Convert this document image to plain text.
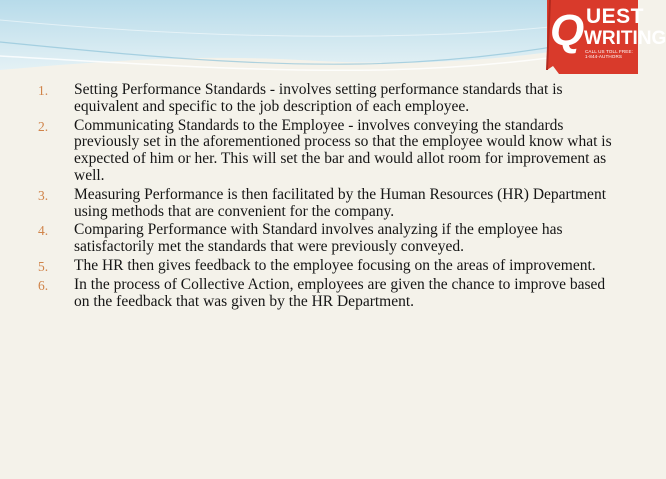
Q UEST
WRITING
CALL US TOLL FREE: 1-844-AUTHORS
1.	Setting Performance Standards - involves setting performance standards that is equivalent and specific to the job description of each employee.
2.	Communicating Standards to the Employee - involves conveying the standards previously set in the aforementioned process so that the employee would know what is expected of him or her. This will set the bar and would allot room for improvement as well.
3.	Measuring Performance is then facilitated by the Human Resources (HR) Department using methods that are convenient for the company.
4.	Comparing Performance with Standard involves analyzing if the employee has satisfactorily met the standards that were previously conveyed.
5.	The HR then gives feedback to the employee focusing on the areas of improvement.
6.	In the process of Collective Action, employees are given the chance to improve based on the feedback that was given by the HR Department.
